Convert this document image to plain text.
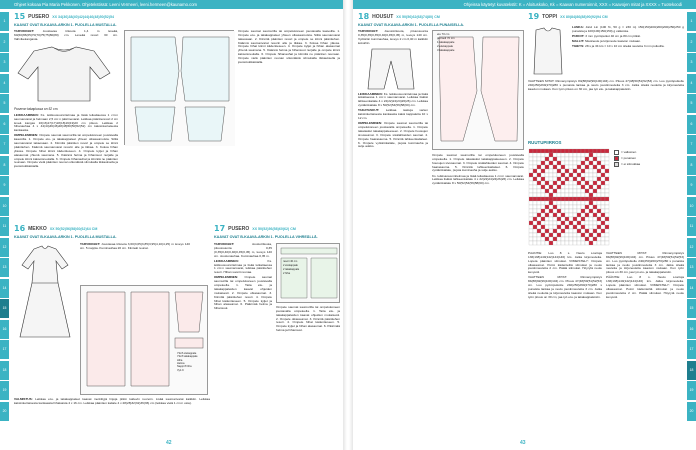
Ohjeet kokoaa Pia Maria Pekkonen. Ohjetekstissä: Leeni Vermeeri, leeni.hermeen@kaunamo.com	Ohjeissa käytetyt kuvatekstit: K = Aloituskoko, Kk = Kaavan numeroinnit, XXX = Kaavojen mitat ja XXXX = Tuotekoodi
1
2
3
4
5
6
7
8
9
10
11
12
13
14
15
16
17
18
19
20
1
2
3
4
5
6
7
8
9
10
11
12
13
14
15
16
17
18
19
20
15 PUSERO XX 34(36)38(40)42(44)46(48)50(52)54
KAAVAT OVAT B-KAAVA-ARKIN 1. PUOLELLA MUSTALLA.

TARVIKKEET:	Joustavaa trikoota 1,4 m leveää, 60(60)65(65)70(70)75(75)80(80) cm. Leveää resori 30 cm. Vahvikekangasta.

Puseron takaplussa on 52 cm.

LEIKKAAMINEN: Ks. leikkuusuunnitelmaa ja lisää leikattaessa 1 cm:n saumanvarat ja helmaan 2,5 cm:n päärmevarat. Leikkaa pääntieresori 2 cm leveä kangas 16(16)17(17)18(18)19(19)20 cm pituus. Leikkaa 2 hihanauhaa 4 x 44(44)46(46)48(48)50(50)52(52) cm kaksinkertaisesta kankaasta.

OMPELEMINEN: Ompele saumat saumurilla tai ompelukoneen joustavalla kaavoilla. 1. Ompele etu- ja takakappaleet yhteen olkasaumoista. Silitä saumanvarat takaosaan. 2. Kiinnitä pääntien resori ja ompele se kiinni pääntiehen. Käännä saumanvarat resorin alle ja tikkaa. 3. Kokoa hihan yläosa. Ompele hihat kiinni kädentieseen. 4. Ompele kyljet ja hihan alasaumat yhtenä saumana. 5. Käännä helma ja hihansuut nurjalle ja ompele kiinni kaksoisneulalla. 6. Ompele hihanauhat ja kiinnitä ne pääntien reunaan. Ompele vielä pääntien reunan ulkonäköä silmukalla tikkauksella ja joustotukikaistalla.

Ompele saumat saumurilla tai ompelukoneen joustavalla kaavoilla. 1. Ompele etu- ja takakappaleet yhteen olkasaumoista. Silitä saumanvarat takaosaan. 2. Kiinnitä pääntien resori ja ompele se kiinni pääntiehen. Käännä saumanvarat resorin alle ja tikkaa. 3. Kokoa hihan yläosa. Ompele hihat kiinni kädentieseen. 4. Ompele kyljet ja hihan alasaumat yhtenä saumana. 5. Käännä helma ja hihansuut nurjalle ja ompele kiinni kaksoisneulalla. 6. Ompele hihanauhat ja kiinnitä ne pääntien reunaan. Ompele vielä pääntien reunan ulkonäköä silmukalla tikkauksella ja joustotukikaistalla.

16 MEKKO XX 50(52)56(58)60(62)64 CM
KAAVAT OVAT B-KAAVA-ARKIN 1. PUOLELLA MUSTALLA.

TARVIKKEET: Joustavaa trikoota 3,60(3,65)3,85(3,95)4,10(4,25) m leveys 140 cm. 5 nappia. Kuminauhaa 20 cm. Kiinteät reunat.

Ylä 8 etukappale
Ylä 8 takakappale
Hiha
Helma
Nappi 8 hiha
Vyö 9

VALMISTUS: Leikkaa etu- ja takakappaleet kaavat merkittyjä linjoja pitkin kaltevin reunoin. Lisää saumanvarat kaikkiin. Leikkaa kaksinkertaisesta kankaasta hihakaista 4 x 16 cm. Leikkaa pääntien kaitale 4 x 28(28)32(32)36(36) cm (leikkaa vielä 1 cm:n osia).

17 PUSERO XX 50(52)56(58)60(62) CM
KAAVAT OVAT B-KAAVA-ARKIN 1. PUOLELLA VIHREÄLLÄ.

TARVIKKEET:	Joustotrikoota, pituussuunta 0,35 (0,35)0,40(0,40)0,45(0,45) m, leveys 140 cm. Joustonauhaa. Kuminauhaa 0,35 m.

LEIKKAAMINEN:	Ks. leikkuusuunnitelmaa ja lisää leikattaessa 1 cm:n saumanvarat, leikkaa pääntiehen resori. Hihan suonit reunaa.

OMPELEMINEN: Ompele saumat saumurilla tai ompelukoneen joustavalla ompeleella. 1. Taita etu- ja takakappaleiden kaavat ohjeiden mukaisesti. 2. Ompele olkasaumat. 3. Kiinnitä pääntiehen resori. 4. Ompele hihat kädentieseen. 5. Ompele kyljet ja hihan alasaumat. 6. Päärmää helma ja hihansuut.

resori 40 cm
2 etukappale
2 takakappale
2 hiha

Ompele saumat saumurilla tai ompelukoneen joustavalla ompeleella. 1. Taita etu- ja takakappaleiden kaavat ohjeiden mukaisesti. 2. Ompele olkasaumat. 3. Kiinnitä pääntiehen resori. 4. Ompele hihat kädentieseen. 5. Ompele kyljet ja hihan alasaumat. 6. Päärmää helma ja hihansuut.

18 HOUSUT XX 50(56)62(68)74(80) CM
KAAVAT OVAT B-KAAVA-ARKIN 1. PUOLELLA PUNAISELLA.

TARVIKKEET: Joustotrikoota, pituussuunta 0,35(0,35)0,35(0,40)0,45(0,45) m, leveys 140 cm. Vyötärön kuminauhaa, leveys 2 cm 0,40 m kaikkiin kokoihin.

LEIKKAAMINEN: Ks. leikkuusuunnitelmaa ja lisää leikattaessa 1 cm:n saumanvarat. Leikkaa lisäksi lahkeenkaitale 4 x 22(22)24(24)26(26) cm. Leikkaa vyötärökaitale 8 x 50(52)54(56)58(60) cm.

TAKATASKUT: Leikkaa taskuja varten kaksinkertaisesta kankaasta kaksi kappaletta 10 x 12 cm.

OMPELEMINEN: Ompele saumat saumurilla tai ompelukoneen joustavalla ompeleella. 1. Ompele takataskut takakappaleeseen. 2. Ompele housujen sivusaumat. 3. Ompele sisälahkeiden saumat. 4. Ompele haarasauma. 5. Kiinnitä lahkeenkaitaleet. 6. Ompele vyötärökaitale, pujota kuminauha ja sulje aukko.

etu 70 cm
petrooli 70 cm
1 takakappale
2 etukappale
3 takakappale

Ompele saumat saumurilla tai ompelukoneen joustavalla ompeleella. 1. Ompele takataskut takakappaleeseen. 2. Ompele housujen sivusaumat. 3. Ompele sisälahkeiden saumat. 4. Ompele haarasauma. 5. Kiinnitä lahkeenkaitaleet. 6. Ompele vyötärökaitale, pujota kuminauha ja sulje aukko.

Ks. leikkuusuunnitelmaa ja lisää leikattaessa 1 cm:n saumanvarat. Leikkaa lisäksi lahkeenkaitale 4 x 22(22)24(24)26(26) cm. Leikkaa vyötärökaitale 8 x 50(52)54(56)58(60) cm.

19 TOPPI XX 80(84)86(88)90(92)94 CM

LANKA: Järvi Lin (100 %, 50 g = 230 m) 150(150)200(200)200(250)250 g punaista ja 100(100)150(150) g valkoista.

PUIKOT: 3 mm pyöröpuikot 40 cm ja 80 cm pitkät.

MALLIT: Sileäneule ja kirjoneule kaavion mukaan.

TIHEYS: 28 s ja 34 krs = 10 x 10 cm sileää neuletta 3 mm puikoilla.

VAATTEEN MITAT: Rinnanympärys 84(88)92(96)100(104) cm. Pituus 47(48)50(51)52(53) cm. Luo pyöröpuikolle 240(250)260(270)280 s punaista lankaa ja neulo joustinneuletta 3 cm. Jatka sileää neuletta ja kirjoneuletta kaavion mukaan. Kun työn pituus on 30 cm, jaa työ etu- ja takakappaleisiin.

RUUTUPIIRROS
= valkoinen
= punainen
= ei silmukkaa

PÄÄNTIE: Luo 8 s. Neulo s-tartoja 136(138)140(142)144(146) krs. Jatka kirjoneuletta. Lopeta pääntien silmukat. VIIMEISTELY: Ompele olkasaumat. Poimi kädenteiltä silmukat ja neulo joustinneuletta 2 cm. Päätä silmukat. Höyrytä neule kevyesti.

VAATTEEN MITAT: Rinnanympärys 84(88)92(96)100(104) cm. Pituus 47(48)50(51)52(53) cm. Luo pyöröpuikolle 240(250)260(270)280 s punaista lankaa ja neulo joustinneuletta 3 cm. Jatka sileää neuletta ja kirjoneuletta kaavion mukaan. Kun työn pituus on 30 cm, jaa työ etu- ja takakappaleisiin.

VAATTEEN MITAT: Rinnanympärys 84(88)92(96)100(104) cm. Pituus 47(48)50(51)52(53) cm. Luo pyöröpuikolle 240(250)260(270)280 s punaista lankaa ja neulo joustinneuletta 3 cm. Jatka sileää neuletta ja kirjoneuletta kaavion mukaan. Kun työn pituus on 30 cm, jaa työ etu- ja takakappaleisiin.

PÄÄNTIE: Luo 8 s. Neulo s-tartoja 136(138)140(142)144(146) krs. Jatka kirjoneuletta. Lopeta pääntien silmukat. VIIMEISTELY: Ompele olkasaumat. Poimi kädenteiltä silmukat ja neulo joustinneuletta 2 cm. Päätä silmukat. Höyrytä neule kevyesti.

42	43
